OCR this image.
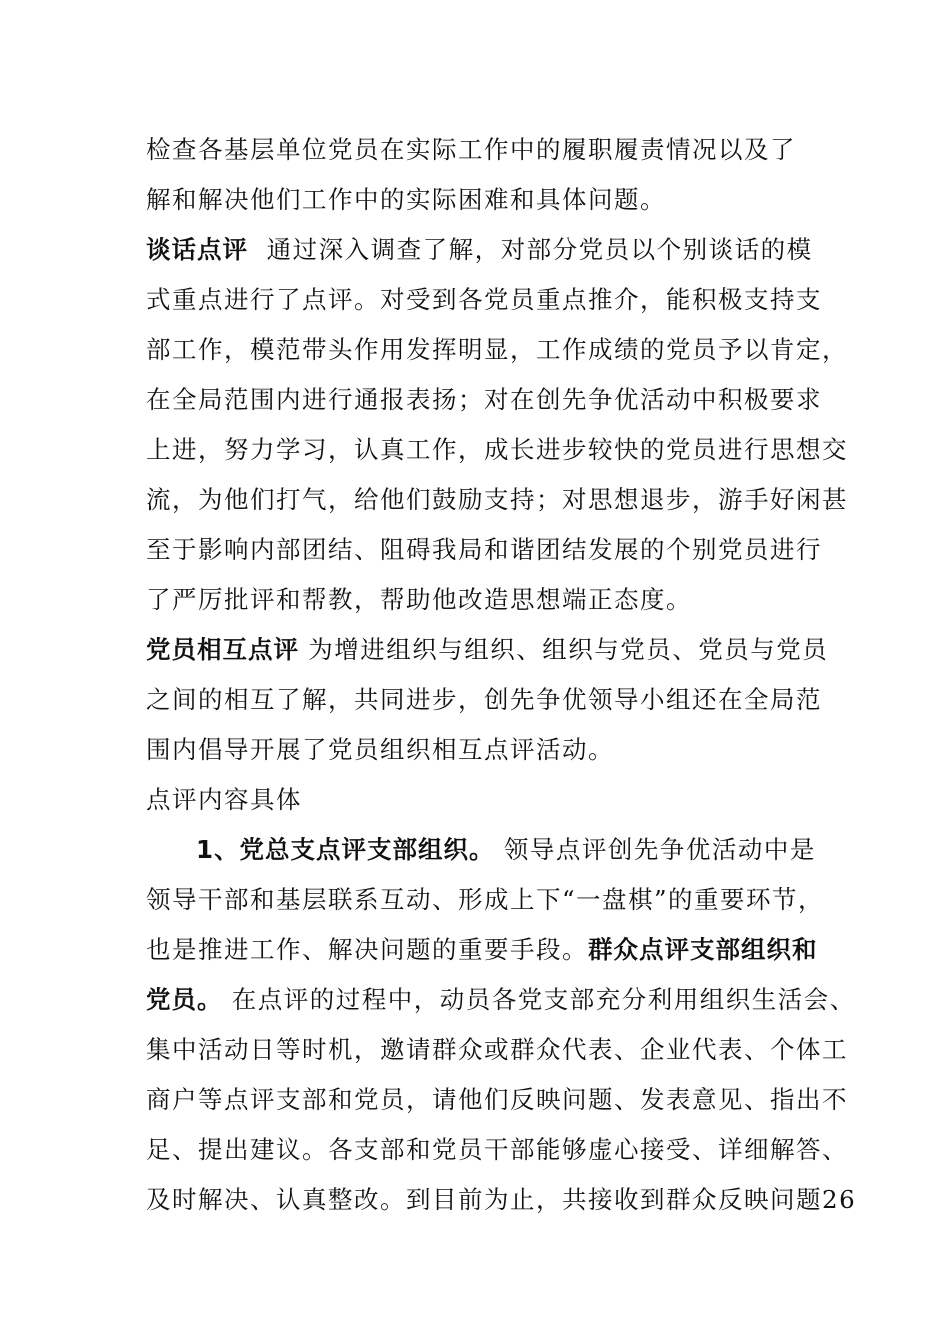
检查各基层单位党员在实际工作中的履职履责情况以及了
解和解决他们工作中的实际困难和具体问题。
谈话点评  通过深入调查了解，对部分党员以个别谈话的模
式重点进行了点评。对受到各党员重点推介，能积极支持支
部工作，模范带头作用发挥明显，工作成绩的党员予以肯定，
在全局范围内进行通报表扬；对在创先争优活动中积极要求
上进，努力学习，认真工作，成长进步较快的党员进行思想交
流，为他们打气，给他们鼓励支持；对思想退步，游手好闲甚
至于影响内部团结、阻碍我局和谐团结发展的个别党员进行
了严厉批评和帮教，帮助他改造思想端正态度。
党员相互点评 为增进组织与组织、组织与党员、党员与党员
之间的相互了解，共同进步，创先争优领导小组还在全局范
围内倡导开展了党员组织相互点评活动。
点评内容具体
1、党总支点评支部组织。 领导点评创先争优活动中是
领导干部和基层联系互动、形成上下“一盘棋”的重要环节，
也是推进工作、解决问题的重要手段。群众点评支部组织和
党员。 在点评的过程中，动员各党支部充分利用组织生活会、
集中活动日等时机，邀请群众或群众代表、企业代表、个体工
商户等点评支部和党员，请他们反映问题、发表意见、指出不
足、提出建议。各支部和党员干部能够虚心接受、详细解答、
及时解决、认真整改。到目前为止，共接收到群众反映问题26
